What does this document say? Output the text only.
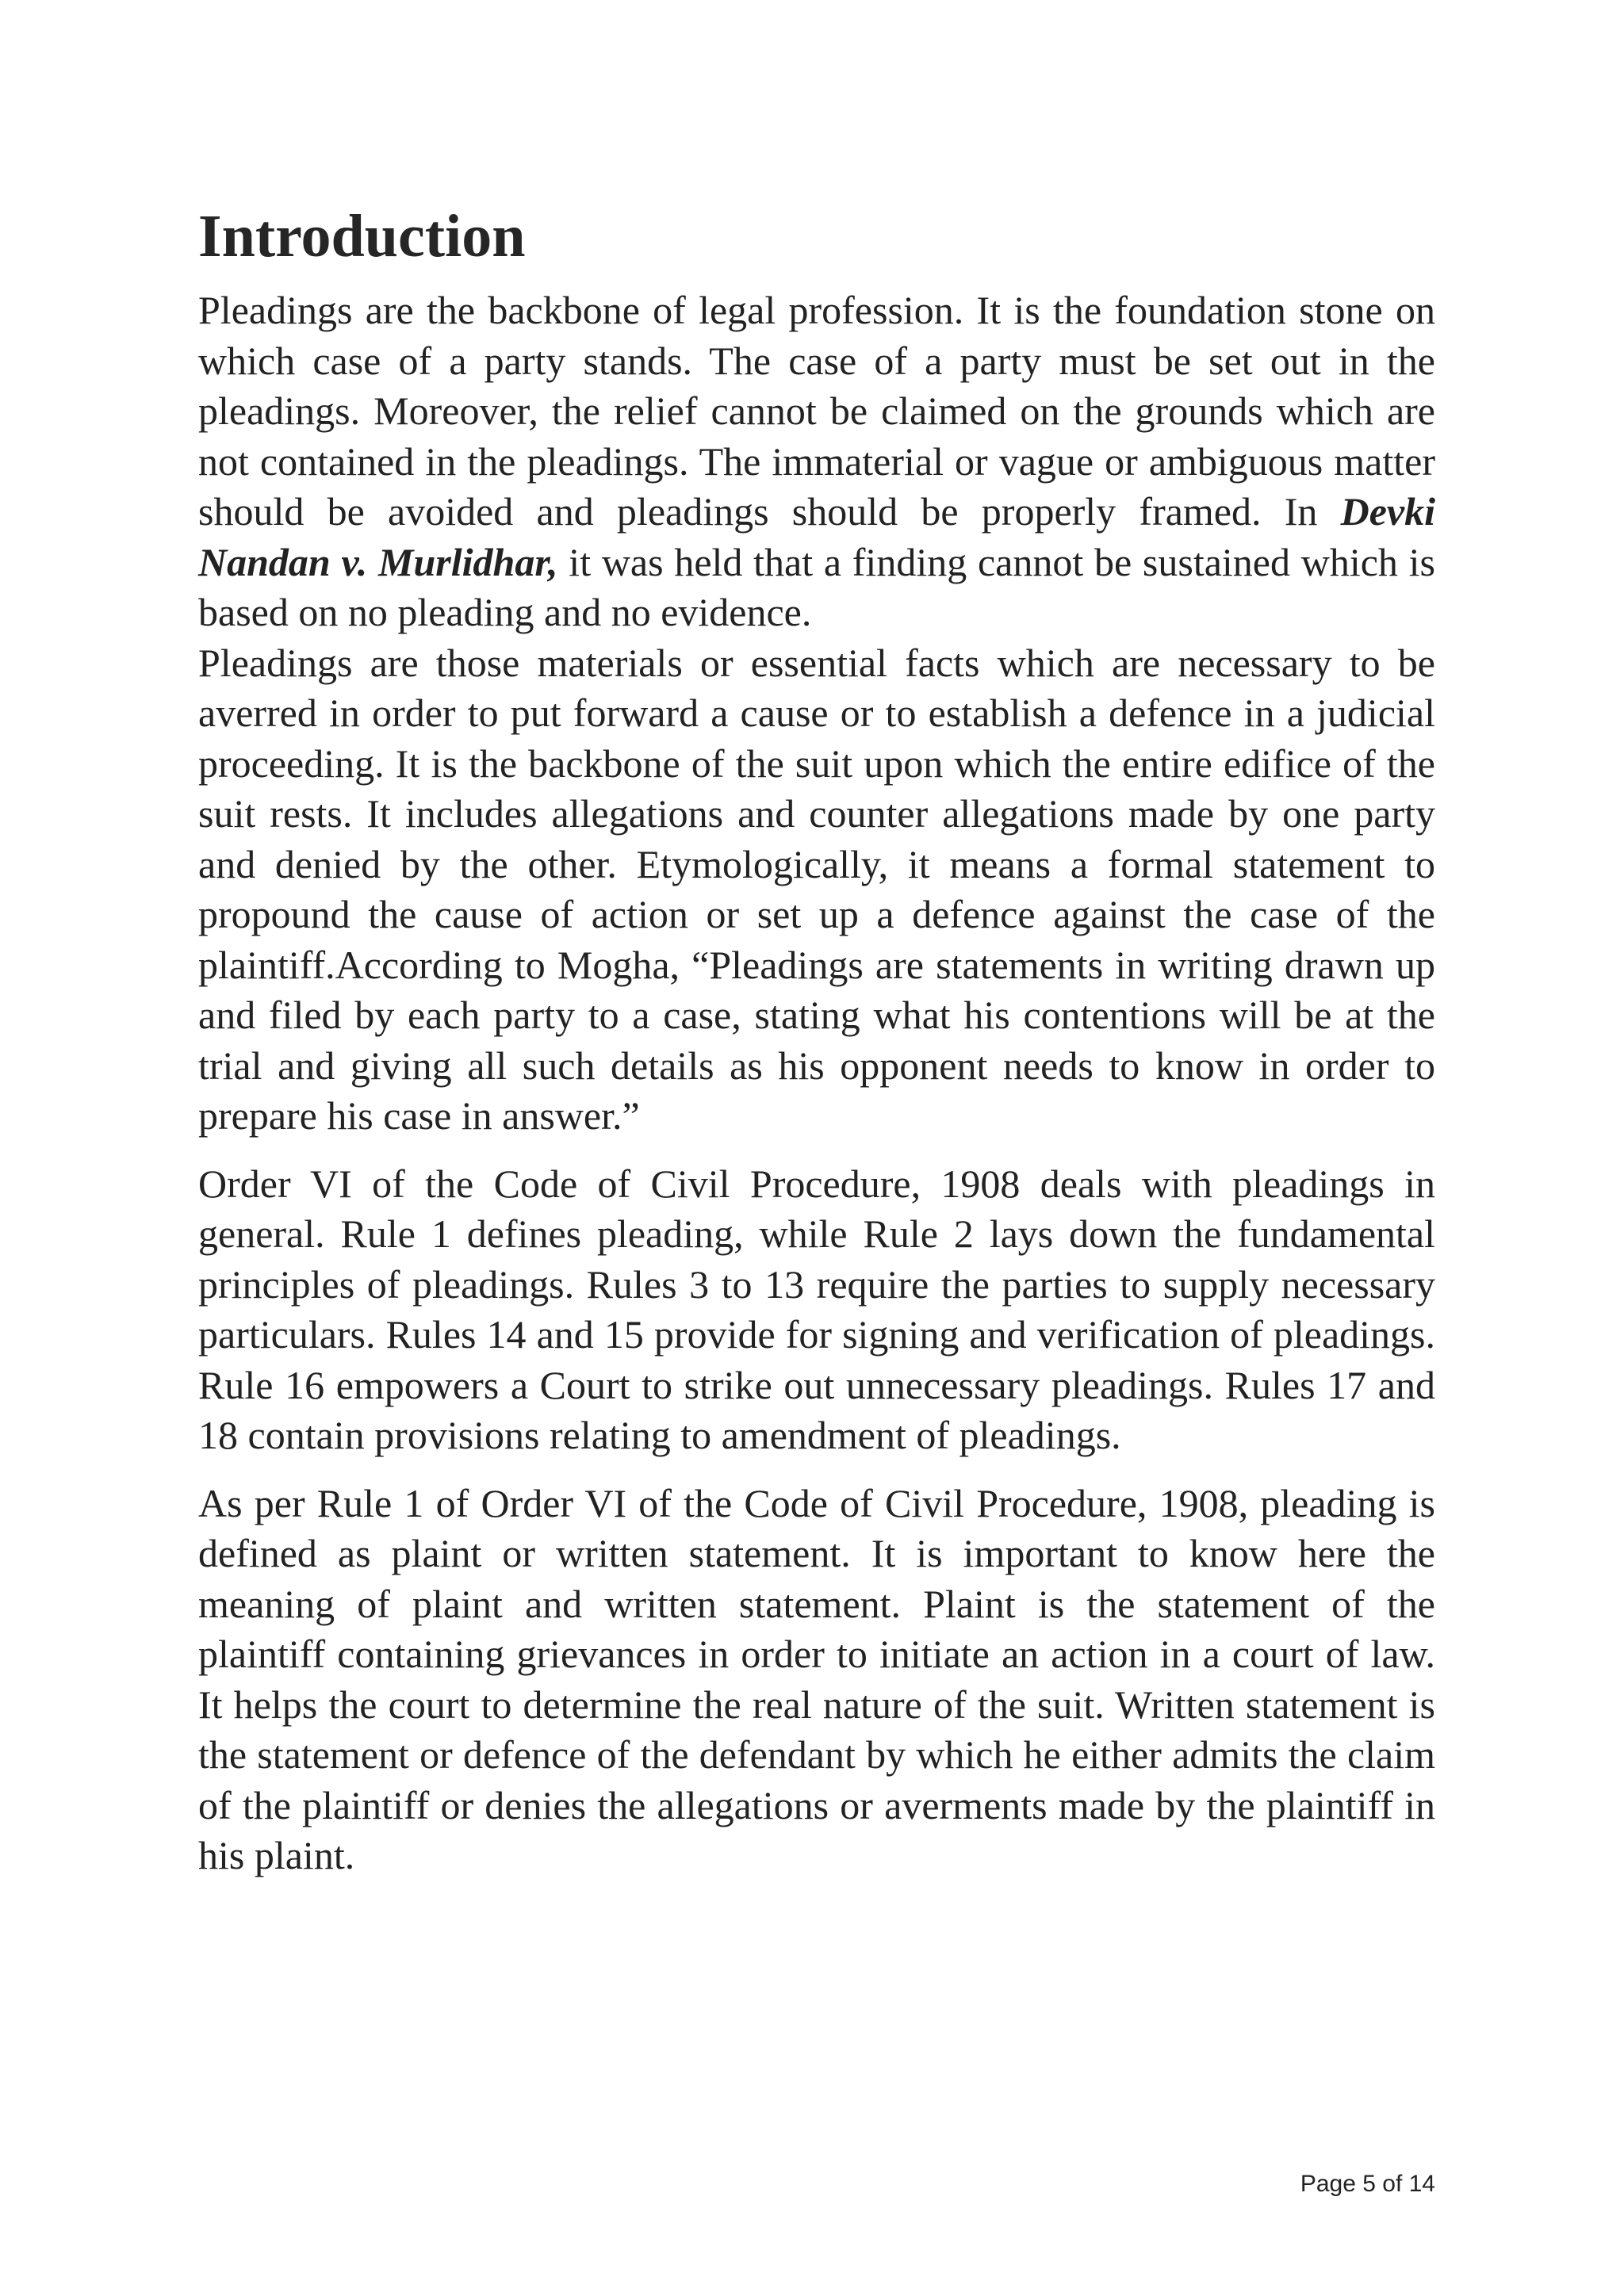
Introduction

Pleadings are the backbone of legal profession. It is the foundation stone on which case of a party stands. The case of a party must be set out in the pleadings. Moreover, the relief cannot be claimed on the grounds which are not contained in the pleadings. The immaterial or vague or ambiguous matter should be avoided and pleadings should be properly framed. In Devki Nandan v. Murlidhar, it was held that a finding cannot be sustained which is based on no pleading and no evidence.

Pleadings are those materials or essential facts which are necessary to be averred in order to put forward a cause or to establish a defence in a judicial proceeding. It is the backbone of the suit upon which the entire edifice of the suit rests. It includes allegations and counter allegations made by one party and denied by the other. Etymologically, it means a formal statement to propound the cause of action or set up a defence against the case of the plaintiff.According to Mogha, “Pleadings are statements in writing drawn up and filed by each party to a case, stating what his contentions will be at the trial and giving all such details as his opponent needs to know in order to prepare his case in answer.”

Order VI of the Code of Civil Procedure, 1908 deals with pleadings in general. Rule 1 defines pleading, while Rule 2 lays down the fundamental principles of pleadings. Rules 3 to 13 require the parties to supply necessary particulars. Rules 14 and 15 provide for signing and verification of pleadings. Rule 16 empowers a Court to strike out unnecessary pleadings. Rules 17 and 18 contain provisions relating to amendment of pleadings.

As per Rule 1 of Order VI of the Code of Civil Procedure, 1908, pleading is defined as plaint or written statement. It is important to know here the meaning of plaint and written statement. Plaint is the statement of the plaintiff containing grievances in order to initiate an action in a court of law. It helps the court to determine the real nature of the suit. Written statement is the statement or defence of the defendant by which he either admits the claim of the plaintiff or denies the allegations or averments made by the plaintiff in his plaint.

Page 5 of 14
